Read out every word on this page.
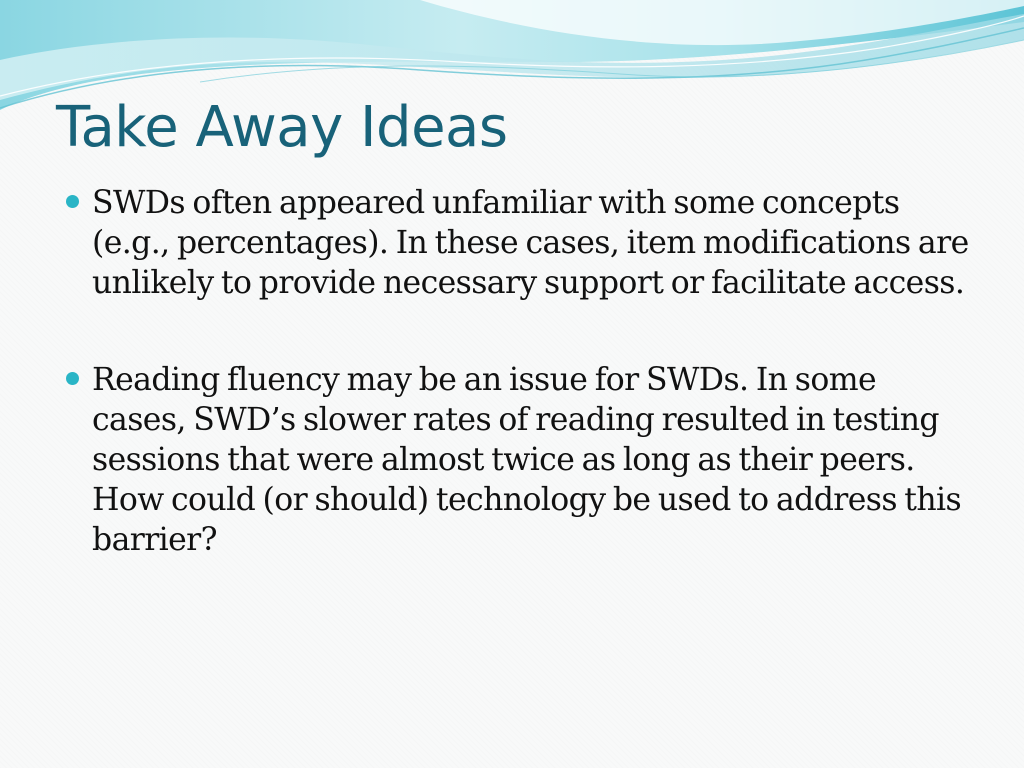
Take Away Ideas
SWDs often appeared unfamiliar with some concepts (e.g., percentages). In these cases, item modifications are unlikely to provide necessary support or facilitate access.
Reading fluency may be an issue for SWDs. In some cases, SWD’s slower rates of reading resulted in testing sessions that were almost twice as long as their peers. How could (or should) technology be used to address this barrier?
